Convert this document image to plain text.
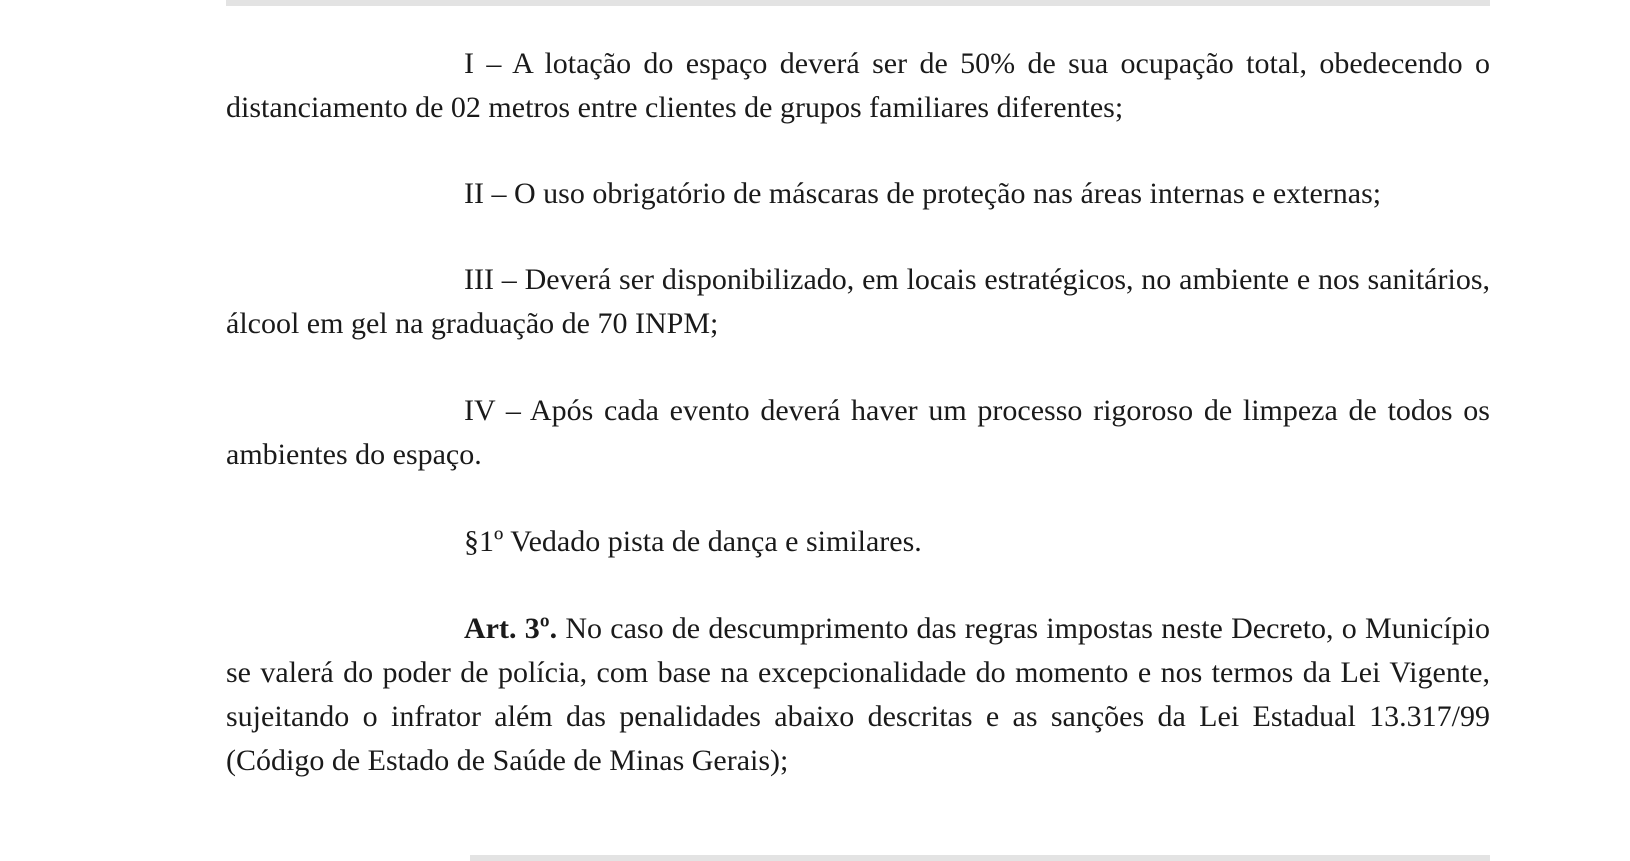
I – A lotação do espaço deverá ser de 50% de sua ocupação total, obedecendo o distanciamento de 02 metros entre clientes de grupos familiares diferentes;

II – O uso obrigatório de máscaras de proteção nas áreas internas e externas;

III – Deverá ser disponibilizado, em locais estratégicos, no ambiente e nos sanitários, álcool em gel na graduação de 70 INPM;

IV – Após cada evento deverá haver um processo rigoroso de limpeza de todos os ambientes do espaço.

§1º Vedado pista de dança e similares.

Art. 3º. No caso de descumprimento das regras impostas neste Decreto, o Município se valerá do poder de polícia, com base na excepcionalidade do momento e nos termos da Lei Vigente, sujeitando o infrator além das penalidades abaixo descritas e as sanções da Lei Estadual 13.317/99 (Código de Estado de Saúde de Minas Gerais);
